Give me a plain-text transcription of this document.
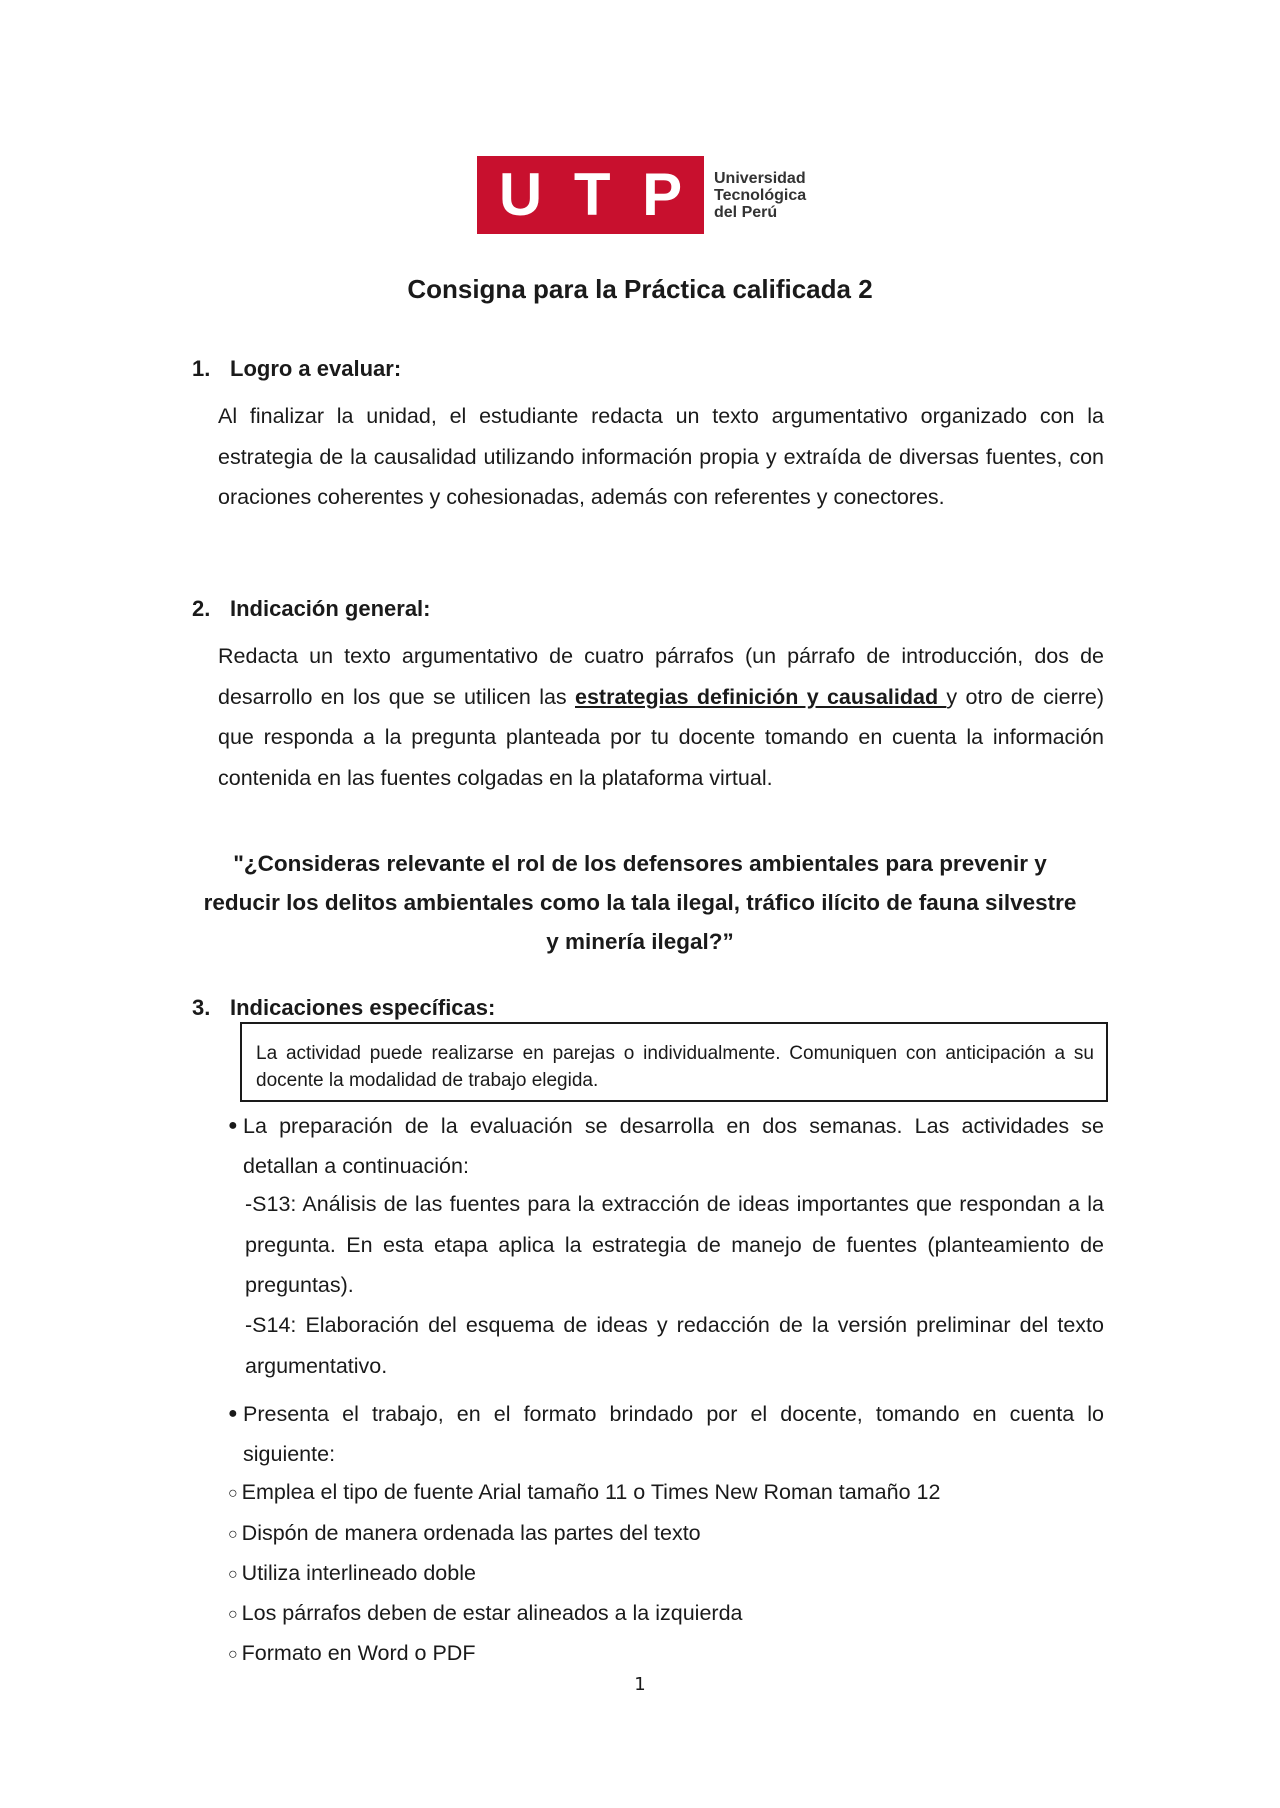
U T P Universidad
Tecnológica
del Perú
Consigna para la Práctica calificada 2
1. Logro a evaluar:
Al finalizar la unidad, el estudiante redacta un texto argumentativo organizado con la estrategia de la causalidad utilizando información propia y extraída de diversas fuentes, con oraciones coherentes y cohesionadas, además con referentes y conectores.
2. Indicación general:
Redacta un texto argumentativo de cuatro párrafos (un párrafo de introducción, dos de desarrollo en los que se utilicen las estrategias definición y causalidad y otro de cierre) que responda a la pregunta planteada por tu docente tomando en cuenta la información contenida en las fuentes colgadas en la plataforma virtual.
"¿Consideras relevante el rol de los defensores ambientales para prevenir y reducir los delitos ambientales como la tala ilegal, tráfico ilícito de fauna silvestre y minería ilegal?”
3. Indicaciones específicas:
La actividad puede realizarse en parejas o individualmente. Comuniquen con anticipación a su docente la modalidad de trabajo elegida.
● La preparación de la evaluación se desarrolla en dos semanas. Las actividades se detallan a continuación:
-S13: Análisis de las fuentes para la extracción de ideas importantes que respondan a la pregunta. En esta etapa aplica la estrategia de manejo de fuentes (planteamiento de preguntas).
-S14: Elaboración del esquema de ideas y redacción de la versión preliminar del texto argumentativo.
● Presenta el trabajo, en el formato brindado por el docente, tomando en cuenta lo siguiente:
○ Emplea el tipo de fuente Arial tamaño 11 o Times New Roman tamaño 12
○ Dispón de manera ordenada las partes del texto
○ Utiliza interlineado doble
○ Los párrafos deben de estar alineados a la izquierda
○ Formato en Word o PDF
1
